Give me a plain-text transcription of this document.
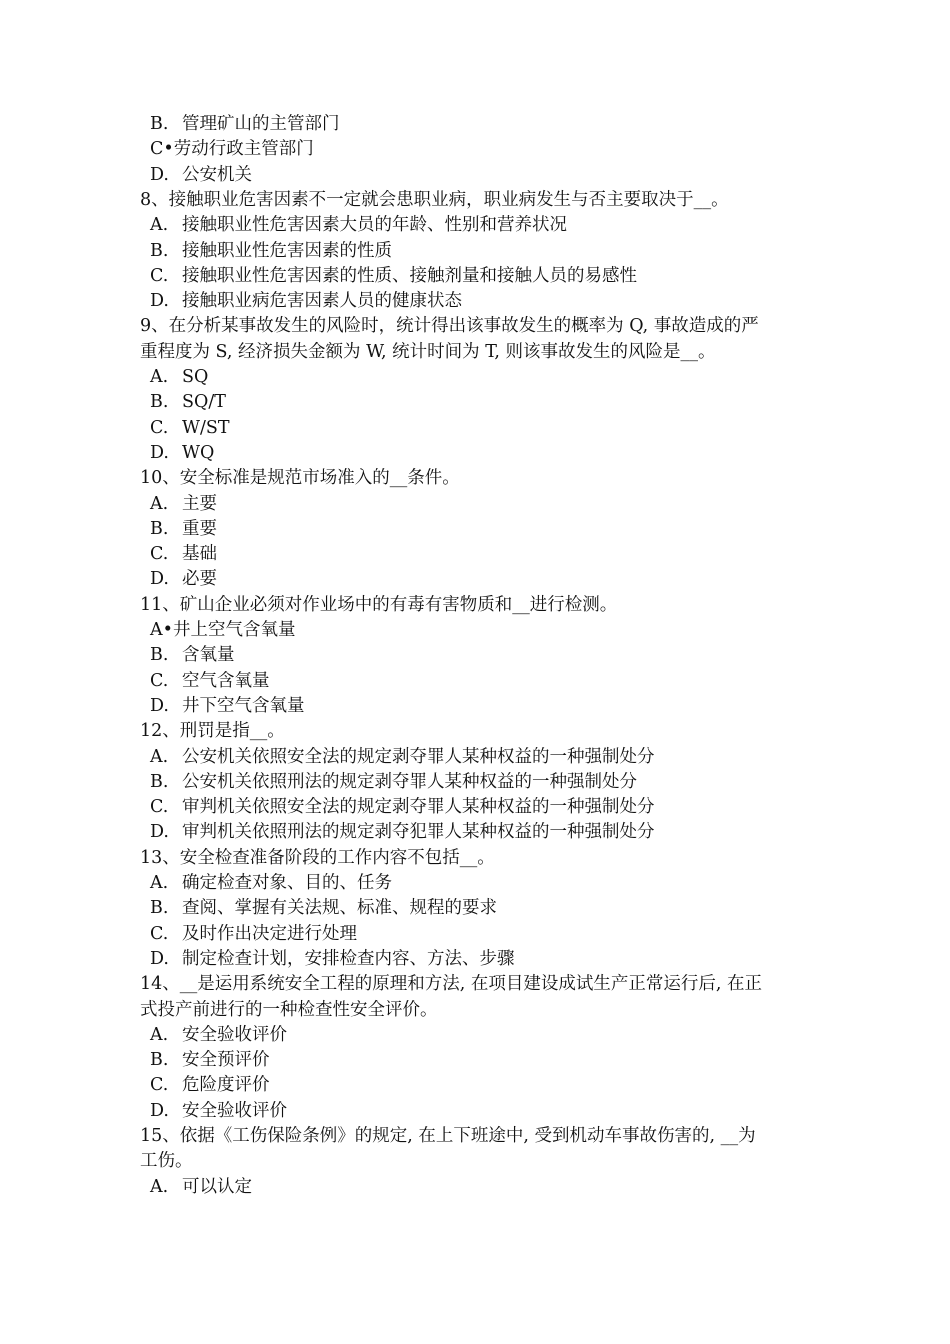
B. 管理矿山的主管部门
C•劳动行政主管部门
D. 公安机关
8、接触职业危害因素不一定就会患职业病，职业病发生与否主要取决于__。
A. 接触职业性危害因素大员的年龄、性别和营养状况
B. 接触职业性危害因素的性质
C. 接触职业性危害因素的性质、接触剂量和接触人员的易感性
D. 接触职业病危害因素人员的健康状态
9、在分析某事故发生的风险时，统计得出该事故发生的概率为 Q, 事故造成的严
重程度为 S, 经济损失金额为 W, 统计时间为 T, 则该事故发生的风险是__。
A. SQ
B. SQ/T
C. W/ST
D. WQ
10、安全标准是规范市场准入的__条件。
A. 主要
B. 重要
C. 基础
D. 必要
11、矿山企业必须对作业场中的有毒有害物质和__进行检测。
A•井上空气含氧量
B. 含氧量
C. 空气含氧量
D. 井下空气含氧量
12、刑罚是指__。
A. 公安机关依照安全法的规定剥夺罪人某种权益的一种强制处分
B. 公安机关依照刑法的规定剥夺罪人某种权益的一种强制处分
C. 审判机关依照安全法的规定剥夺罪人某种权益的一种强制处分
D. 审判机关依照刑法的规定剥夺犯罪人某种权益的一种强制处分
13、安全检查准备阶段的工作内容不包括__。
A. 确定检查对象、目的、任务
B. 查阅、掌握有关法规、标准、规程的要求
C. 及时作出决定进行处理
D. 制定检查计划，安排检查内容、方法、步骤
14、__是运用系统安全工程的原理和方法, 在项目建设成试生产正常运行后, 在正
式投产前进行的一种检查性安全评价。
A. 安全验收评价
B. 安全预评价
C. 危险度评价
D. 安全验收评价
15、依据《工伤保险条例》的规定, 在上下班途中, 受到机动车事故伤害的, __为
工伤。
A. 可以认定
